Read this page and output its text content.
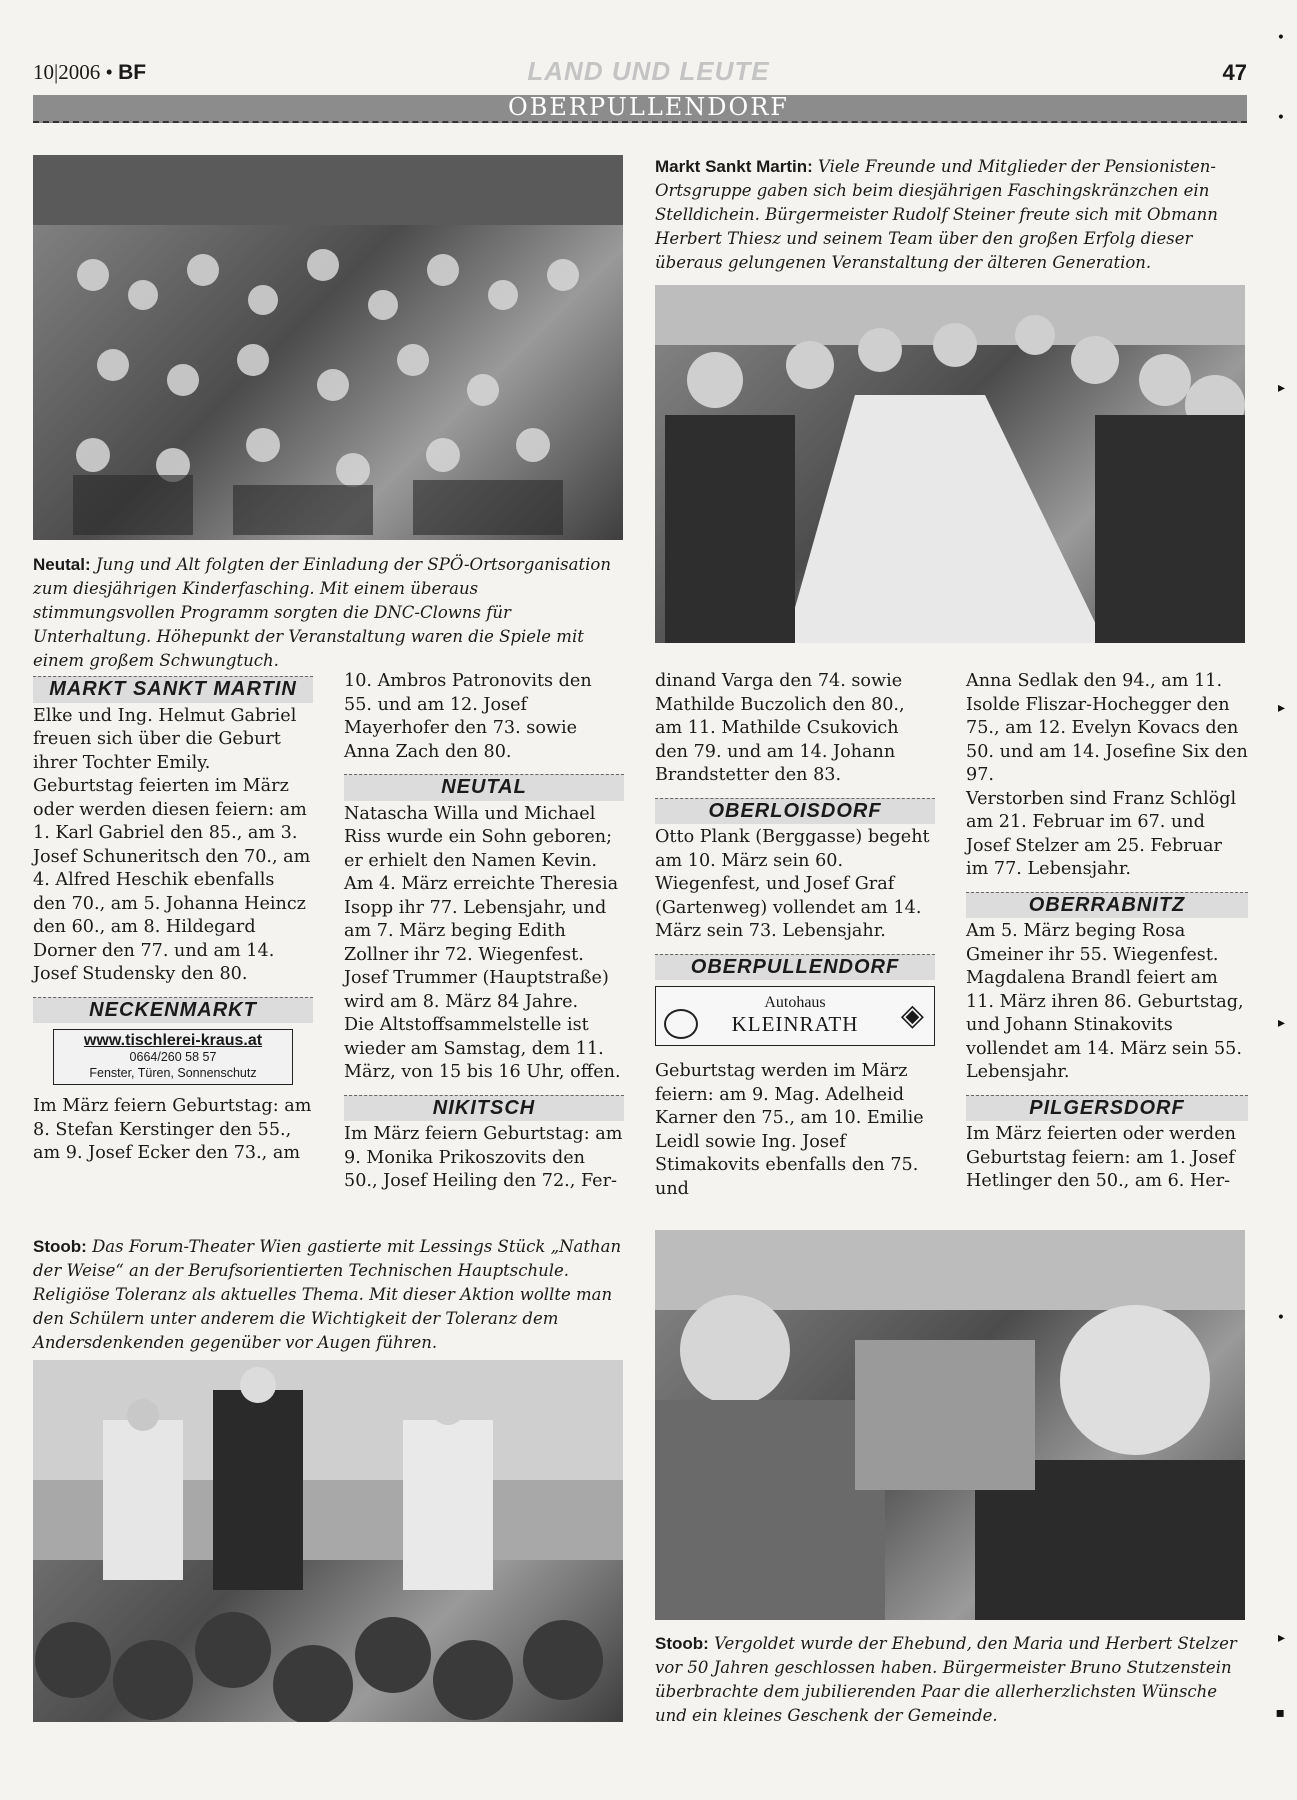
10|2006 • BF	LAND UND LEUTE	47
OBERPULLENDORF
Neutal: Jung und Alt folgten der Einladung der SPÖ-Ortsorganisation zum diesjährigen Kinderfasching. Mit einem überaus stimmungsvollen Programm sorgten die DNC-Clowns für Unterhaltung. Höhepunkt der Veranstaltung waren die Spiele mit einem großem Schwungtuch.
Markt Sankt Martin: Viele Freunde und Mitglieder der Pensionisten-Ortsgruppe gaben sich beim diesjährigen Faschingskränzchen ein Stelldichein. Bürgermeister Rudolf Steiner freute sich mit Obmann Herbert Thiesz und seinem Team über den großen Erfolg dieser überaus gelungenen Veranstaltung der älteren Generation.
MARKT SANKT MARTIN

Elke und Ing. Helmut Gabriel freuen sich über die Geburt ihrer Tochter Emily.

Geburtstag feierten im März oder werden diesen feiern: am 1. Karl Gabriel den 85., am 3. Josef Schuneritsch den 70., am 4. Alfred Heschik ebenfalls den 70., am 5. Johanna Heincz den 60., am 8. Hildegard Dorner den 77. und am 14. Josef Studensky den 80.

NECKENMARKT
www.tischlerei-kraus.at
0664/260 58 57
Fenster, Türen, Sonnenschutz

Im März feiern Geburtstag: am 8. Stefan Kerstinger den 55., am 9. Josef Ecker den 73., am

10. Ambros Patronovits den 55. und am 12. Josef Mayerhofer den 73. sowie Anna Zach den 80.

NEUTAL

Natascha Willa und Michael Riss wurde ein Sohn geboren; er erhielt den Namen Kevin.

Am 4. März erreichte Theresia Isopp ihr 77. Lebensjahr, und am 7. März beging Edith Zollner ihr 72. Wiegenfest.

Josef Trummer (Hauptstraße) wird am 8. März 84 Jahre.

Die Altstoffsammelstelle ist wieder am Samstag, dem 11. März, von 15 bis 16 Uhr, offen.

NIKITSCH

Im März feiern Geburtstag: am 9. Monika Prikoszovits den 50., Josef Heiling den 72., Fer-

dinand Varga den 74. sowie Mathilde Buczolich den 80., am 11. Mathilde Csukovich den 79. und am 14. Johann Brandstetter den 83.

OBERLOISDORF

Otto Plank (Berggasse) begeht am 10. März sein 60. Wiegenfest, und Josef Graf (Gartenweg) vollendet am 14. März sein 73. Lebensjahr.

OBERPULLENDORF
Autohaus
KLEINRATH	◈

Geburtstag werden im März feiern: am 9. Mag. Adelheid Karner den 75., am 10. Emilie Leidl sowie Ing. Josef Stimakovits ebenfalls den 75. und

Anna Sedlak den 94., am 11. Isolde Fliszar-Hochegger den 75., am 12. Evelyn Kovacs den 50. und am 14. Josefine Six den 97.

Verstorben sind Franz Schlögl am 21. Februar im 67. und Josef Stelzer am 25. Februar im 77. Lebensjahr.

OBERRABNITZ

Am 5. März beging Rosa Gmeiner ihr 55. Wiegenfest.

Magdalena Brandl feiert am 11. März ihren 86. Geburtstag, und Johann Stinakovits vollendet am 14. März sein 55. Lebensjahr.

PILGERSDORF

Im März feierten oder werden Geburtstag feiern: am 1. Josef Hetlinger den 50., am 6. Her-

Stoob: Das Forum-Theater Wien gastierte mit Lessings Stück „Nathan der Weise“ an der Berufsorientierten Technischen Hauptschule. Religiöse Toleranz als aktuelles Thema. Mit dieser Aktion wollte man den Schülern unter anderem die Wichtigkeit der Toleranz dem Andersdenkenden gegenüber vor Augen führen.
Stoob: Vergoldet wurde der Ehebund, den Maria und Herbert Stelzer vor 50 Jahren geschlossen haben. Bürgermeister Bruno Stutzenstein überbrachte dem jubilierenden Paar die allerherzlichsten Wünsche und ein kleines Geschenk der Gemeinde.
•
•
▸
▸
▸
•
▸
▪
